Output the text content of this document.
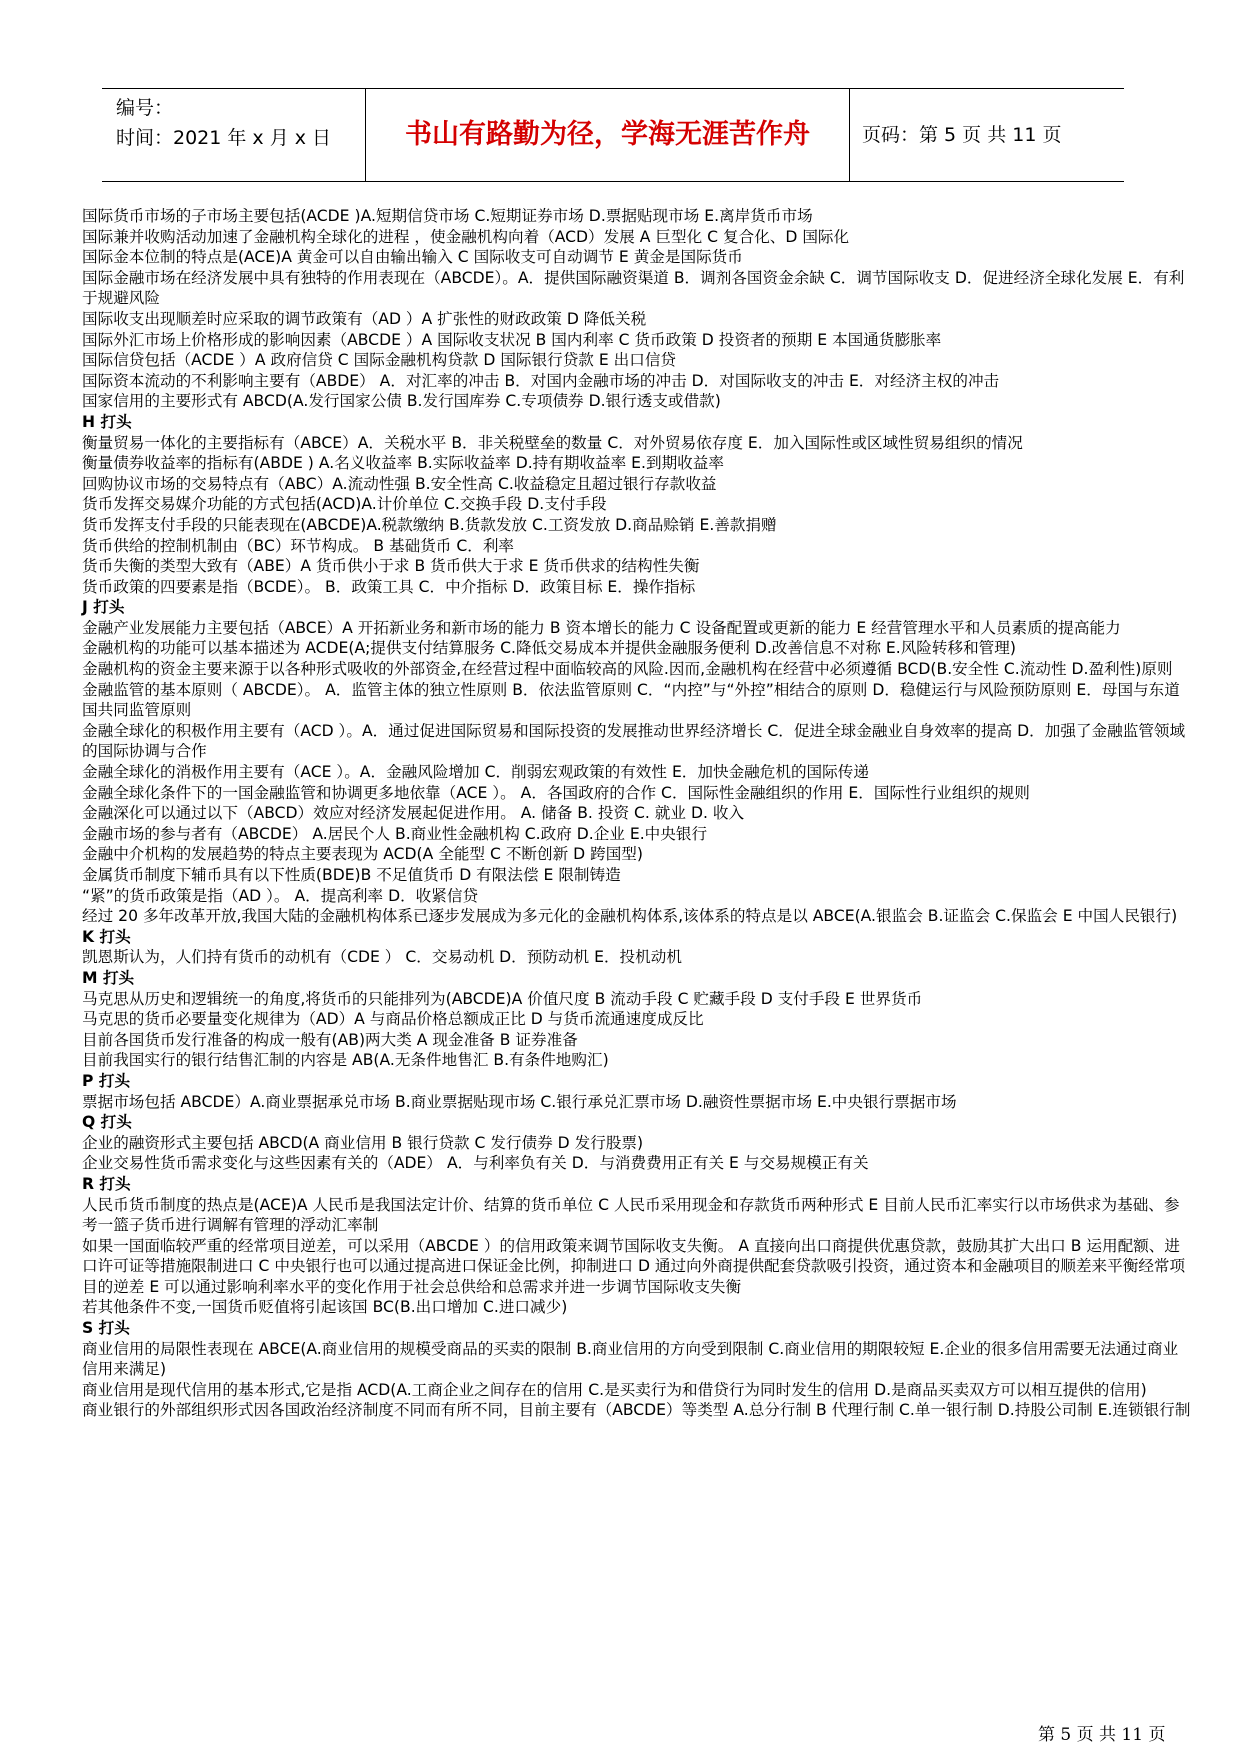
编号：
时间：2021 年 x 月 x 日	书山有路勤为径，学海无涯苦作舟	页码：第 5 页 共 11 页

国际货币市场的子市场主要包括(ACDE )A.短期信贷市场 C.短期证券市场 D.票据贴现市场 E.离岸货币市场

国际兼并收购活动加速了金融机构全球化的进程 ，使金融机构向着（ACD）发展 A 巨型化 C 复合化、D 国际化

国际金本位制的特点是(ACE)A 黄金可以自由输出输入 C 国际收支可自动调节 E 黄金是国际货币

国际金融市场在经济发展中具有独特的作用表现在（ABCDE）。A．提供国际融资渠道 B．调剂各国资金余缺 C．调节国际收支 D．促进经济全球化发展 E．有利于规避风险

国际收支出现顺差时应采取的调节政策有（AD ）A 扩张性的财政政策 D 降低关税

国际外汇市场上价格形成的影响因素（ABCDE ）A 国际收支状况 B 国内利率 C 货币政策 D 投资者的预期 E 本国通货膨胀率

国际信贷包括（ACDE ）A 政府信贷 C 国际金融机构贷款 D 国际银行贷款 E 出口信贷

国际资本流动的不利影响主要有（ABDE） A．对汇率的冲击 B．对国内金融市场的冲击 D．对国际收支的冲击 E．对经济主权的冲击

国家信用的主要形式有 ABCD(A.发行国家公债 B.发行国库券 C.专项债券 D.银行透支或借款)

H 打头

衡量贸易一体化的主要指标有（ABCE）A．关税水平 B．非关税壁垒的数量 C．对外贸易依存度 E．加入国际性或区域性贸易组织的情况

衡量债券收益率的指标有(ABDE ) A.名义收益率 B.实际收益率 D.持有期收益率 E.到期收益率

回购协议市场的交易特点有（ABC）A.流动性强 B.安全性高 C.收益稳定且超过银行存款收益

货币发挥交易媒介功能的方式包括(ACD)A.计价单位 C.交换手段 D.支付手段

货币发挥支付手段的只能表现在(ABCDE)A.税款缴纳 B.货款发放 C.工资发放 D.商品赊销 E.善款捐赠

货币供给的控制机制由（BC）环节构成。 B 基础货币 C．利率

货币失衡的类型大致有（ABE）A 货币供小于求 B 货币供大于求 E 货币供求的结构性失衡

货币政策的四要素是指（BCDE）。 B．政策工具 C．中介指标 D．政策目标 E．操作指标

J 打头

金融产业发展能力主要包括（ABCE）A 开拓新业务和新市场的能力 B 资本增长的能力 C 设备配置或更新的能力 E 经营管理水平和人员素质的提高能力

金融机构的功能可以基本描述为 ACDE(A;提供支付结算服务 C.降低交易成本并提供金融服务便利 D.改善信息不对称 E.风险转移和管理)

金融机构的资金主要来源于以各种形式吸收的外部资金,在经营过程中面临较高的风险.因而,金融机构在经营中必须遵循 BCD(B.安全性 C.流动性 D.盈利性)原则

金融监管的基本原则（ ABCDE）。 A．监管主体的独立性原则 B．依法监管原则 C．“内控”与“外控”相结合的原则 D．稳健运行与风险预防原则 E．母国与东道国共同监管原则

金融全球化的积极作用主要有（ACD ）。A．通过促进国际贸易和国际投资的发展推动世界经济增长 C．促进全球金融业自身效率的提高 D．加强了金融监管领域的国际协调与合作

金融全球化的消极作用主要有（ACE ）。A．金融风险增加 C．削弱宏观政策的有效性 E．加快金融危机的国际传递

金融全球化条件下的一国金融监管和协调更多地依靠（ACE ）。 A．各国政府的合作 C．国际性金融组织的作用 E．国际性行业组织的规则

金融深化可以通过以下（ABCD）效应对经济发展起促进作用。 A. 储备 B. 投资 C. 就业 D. 收入

金融市场的参与者有（ABCDE） A.居民个人 B.商业性金融机构 C.政府 D.企业 E.中央银行

金融中介机构的发展趋势的特点主要表现为 ACD(A 全能型 C 不断创新 D 跨国型)

金属货币制度下辅币具有以下性质(BDE)B 不足值货币 D 有限法偿 E 限制铸造

“紧”的货币政策是指（AD ）。 A．提高利率 D．收紧信贷

经过 20 多年改革开放,我国大陆的金融机构体系已逐步发展成为多元化的金融机构体系,该体系的特点是以 ABCE(A.银监会 B.证监会 C.保监会 E 中国人民银行)

K 打头

凯恩斯认为，人们持有货币的动机有（CDE ） C．交易动机 D．预防动机 E．投机动机

M 打头

马克思从历史和逻辑统一的角度,将货币的只能排列为(ABCDE)A 价值尺度 B 流动手段 C 贮藏手段 D 支付手段 E 世界货币

马克思的货币必要量变化规律为（AD）A 与商品价格总额成正比 D 与货币流通速度成反比

目前各国货币发行准备的构成一般有(AB)两大类 A 现金准备 B 证券准备

目前我国实行的银行结售汇制的内容是 AB(A.无条件地售汇 B.有条件地购汇)

P 打头

票据市场包括 ABCDE）A.商业票据承兑市场 B.商业票据贴现市场 C.银行承兑汇票市场 D.融资性票据市场 E.中央银行票据市场

Q 打头

企业的融资形式主要包括 ABCD(A 商业信用 B 银行贷款 C 发行债券 D 发行股票)

企业交易性货币需求变化与这些因素有关的（ADE） A．与利率负有关 D．与消费费用正有关 E 与交易规模正有关

R 打头

人民币货币制度的热点是(ACE)A 人民币是我国法定计价、结算的货币单位 C 人民币采用现金和存款货币两种形式 E 目前人民币汇率实行以市场供求为基础、参考一篮子货币进行调解有管理的浮动汇率制

如果一国面临较严重的经常项目逆差，可以采用（ABCDE ）的信用政策来调节国际收支失衡。 A 直接向出口商提供优惠贷款，鼓励其扩大出口 B 运用配额、进口许可证等措施限制进口 C 中央银行也可以通过提高进口保证金比例，抑制进口 D 通过向外商提供配套贷款吸引投资，通过资本和金融项目的顺差来平衡经常项目的逆差 E 可以通过影响利率水平的变化作用于社会总供给和总需求并进一步调节国际收支失衡

若其他条件不变,一国货币贬值将引起该国 BC(B.出口增加 C.进口减少)

S 打头

商业信用的局限性表现在 ABCE(A.商业信用的规模受商品的买卖的限制 B.商业信用的方向受到限制 C.商业信用的期限较短 E.企业的很多信用需要无法通过商业信用来满足)

商业信用是现代信用的基本形式,它是指 ACD(A.工商企业之间存在的信用 C.是买卖行为和借贷行为同时发生的信用 D.是商品买卖双方可以相互提供的信用)

商业银行的外部组织形式因各国政治经济制度不同而有所不同，目前主要有（ABCDE）等类型 A.总分行制 B 代理行制 C.单一银行制 D.持股公司制 E.连锁银行制

第 5 页 共 11 页
